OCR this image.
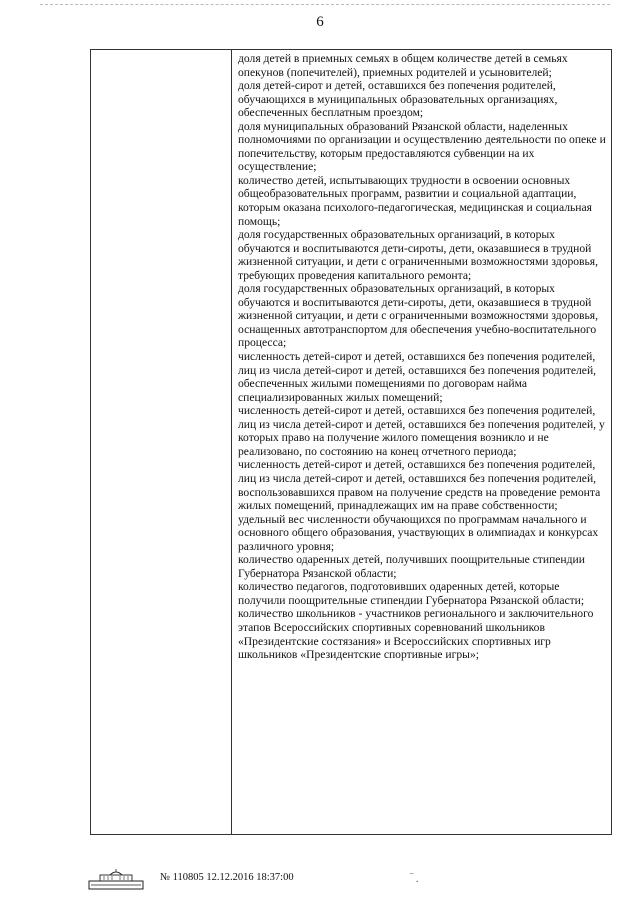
6

доля детей в приемных семьях в общем количестве детей в семьях опекунов (попечителей), приемных родителей и усыновителей;

доля детей-сирот и детей, оставшихся без попечения родителей, обучающихся в муниципальных образовательных организациях, обеспеченных бесплатным проездом;

доля муниципальных образований Рязанской области, наделенных полномочиями по организации и осуществлению деятельности по опеке и попечительству, которым предоставляются субвенции на их осуществление;

количество детей, испытывающих трудности в освоении основных общеобразовательных программ, развитии и социальной адаптации, которым оказана психолого-педагогическая, медицинская и социальная помощь;

доля государственных образовательных организаций, в которых обучаются и воспитываются дети-сироты, дети, оказавшиеся в трудной жизненной ситуации, и дети с ограниченными возможностями здоровья, требующих проведения капитального ремонта;

доля государственных образовательных организаций, в которых обучаются и воспитываются дети-сироты, дети, оказавшиеся в трудной жизненной ситуации, и дети с ограниченными возможностями здоровья, оснащенных автотранспортом для обеспечения учебно-воспитательного процесса;

численность детей-сирот и детей, оставшихся без попечения родителей, лиц из числа детей-сирот и детей, оставшихся без попечения родителей, обеспеченных жилыми помещениями по договорам найма специализированных жилых помещений;

численность детей-сирот и детей, оставшихся без попечения родителей, лиц из числа детей-сирот и детей, оставшихся без попечения родителей, у которых право на получение жилого помещения возникло и не реализовано, по состоянию на конец отчетного периода;

численность детей-сирот и детей, оставшихся без попечения родителей, лиц из числа детей-сирот и детей, оставшихся без попечения родителей, воспользовавшихся правом на получение средств на проведение ремонта жилых помещений, принадлежащих им на праве собственности;

удельный вес численности обучающихся по программам начального и основного общего образования, участвующих в олимпиадах и конкурсах различного уровня;

количество одаренных детей, получивших поощрительные стипендии Губернатора Рязанской области;

количество педагогов, подготовивших одаренных детей, которые получили поощрительные стипендии Губернатора Рязанской области;

количество школьников - участников регионального и заключительного этапов Всероссийских спортивных соревнований школьников «Президентские состязания» и Всероссийских спортивных игр школьников «Президентские спортивные игры»;

№ 110805 12.12.2016 18:37:00	‾ .
